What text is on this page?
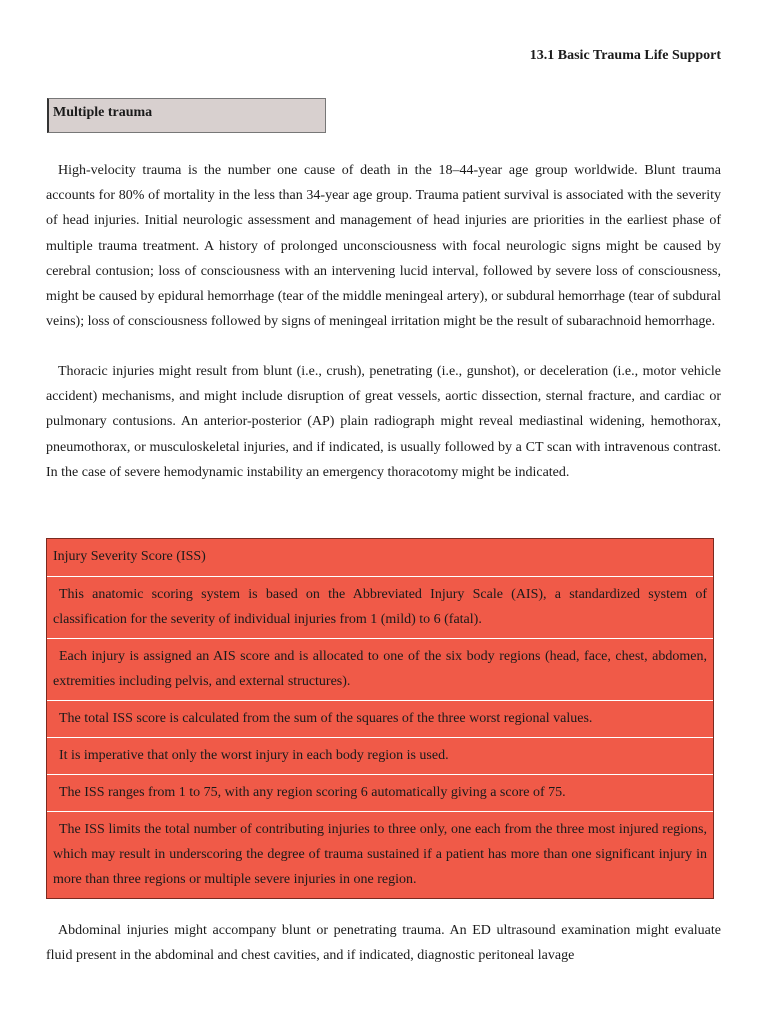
13.1 Basic Trauma Life Support

Multiple trauma

High-velocity trauma is the number one cause of death in the 18–44-year age group worldwide. Blunt trauma accounts for 80% of mortality in the less than 34-year age group. Trauma patient survival is associated with the severity of head injuries. Initial neurologic assessment and management of head injuries are priorities in the earliest phase of multiple trauma treatment. A history of prolonged unconsciousness with focal neurologic signs might be caused by cerebral contusion; loss of consciousness with an intervening lucid interval, followed by severe loss of consciousness, might be caused by epidural hemorrhage (tear of the middle meningeal artery), or subdural hemorrhage (tear of subdural veins); loss of consciousness followed by signs of meningeal irritation might be the result of subarachnoid hemorrhage.

Thoracic injuries might result from blunt (i.e., crush), penetrating (i.e., gunshot), or deceleration (i.e., motor vehicle accident) mechanisms, and might include disruption of great vessels, aortic dissection, sternal fracture, and cardiac or pulmonary contusions. An anterior-posterior (AP) plain radiograph might reveal mediastinal widening, hemothorax, pneumothorax, or musculoskeletal injuries, and if indicated, is usually followed by a CT scan with intravenous contrast. In the case of severe hemodynamic instability an emergency thoracotomy might be indicated.

Injury Severity Score (ISS)
This anatomic scoring system is based on the Abbreviated Injury Scale (AIS), a standardized system of classification for the severity of individual injuries from 1 (mild) to 6 (fatal).
Each injury is assigned an AIS score and is allocated to one of the six body regions (head, face, chest, abdomen, extremities including pelvis, and external structures).
The total ISS score is calculated from the sum of the squares of the three worst regional values.
It is imperative that only the worst injury in each body region is used.
The ISS ranges from 1 to 75, with any region scoring 6 automatically giving a score of 75.
The ISS limits the total number of contributing injuries to three only, one each from the three most injured regions, which may result in underscoring the degree of trauma sustained if a patient has more than one significant injury in more than three regions or multiple severe injuries in one region.

Abdominal injuries might accompany blunt or penetrating trauma. An ED ultrasound examination might evaluate fluid present in the abdominal and chest cavities, and if indicated, diagnostic peritoneal lavage
